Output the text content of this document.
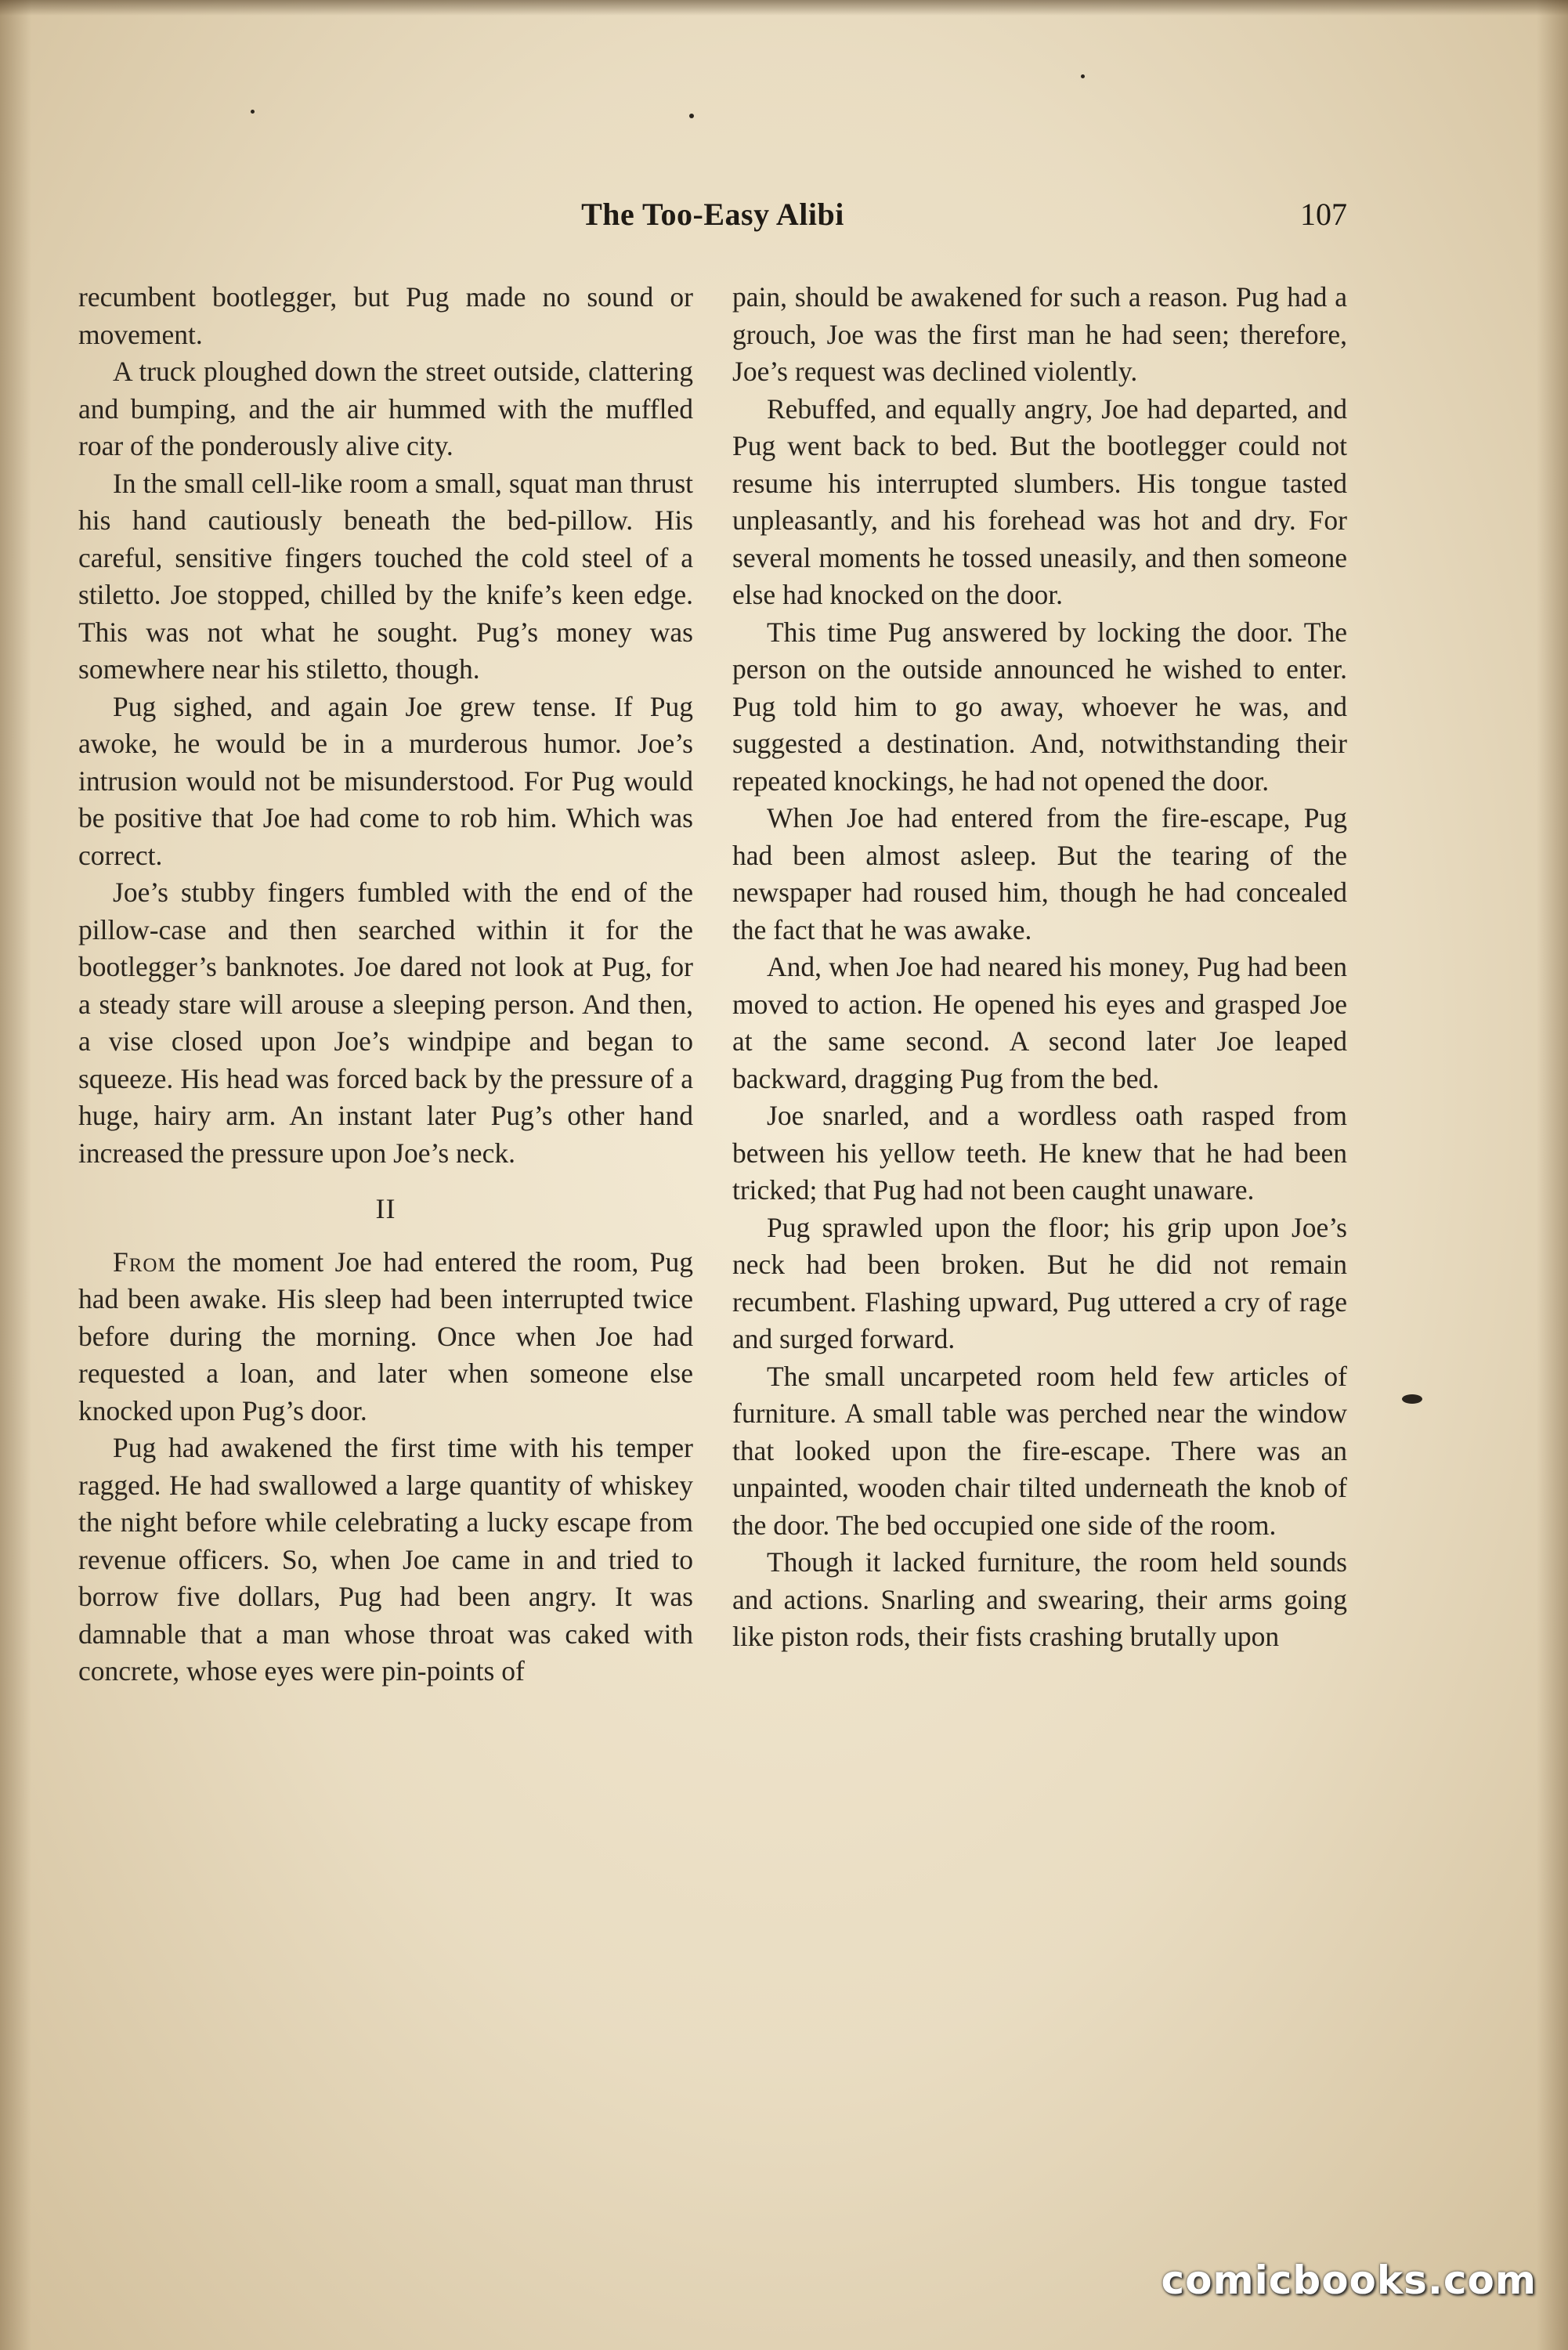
The Too-Easy Alibi	107

recumbent bootlegger, but Pug made no sound or movement.

A truck ploughed down the street outside, clattering and bumping, and the air hummed with the muffled roar of the ponderously alive city.

In the small cell-like room a small, squat man thrust his hand cautiously beneath the bed-pillow. His careful, sensitive fingers touched the cold steel of a stiletto. Joe stopped, chilled by the knife’s keen edge. This was not what he sought. Pug’s money was somewhere near his stiletto, though.

Pug sighed, and again Joe grew tense. If Pug awoke, he would be in a murderous humor. Joe’s intrusion would not be misunderstood. For Pug would be positive that Joe had come to rob him. Which was correct.

Joe’s stubby fingers fumbled with the end of the pillow-case and then searched within it for the bootlegger’s banknotes. Joe dared not look at Pug, for a steady stare will arouse a sleeping person. And then, a vise closed upon Joe’s windpipe and began to squeeze. His head was forced back by the pressure of a huge, hairy arm. An instant later Pug’s other hand increased the pressure upon Joe’s neck.

II

From the moment Joe had entered the room, Pug had been awake. His sleep had been interrupted twice before during the morning. Once when Joe had requested a loan, and later when someone else knocked upon Pug’s door.

Pug had awakened the first time with his temper ragged. He had swallowed a large quantity of whiskey the night before while celebrating a lucky escape from revenue officers. So, when Joe came in and tried to borrow five dollars, Pug had been angry. It was damnable that a man whose throat was caked with concrete, whose eyes were pin-points of

pain, should be awakened for such a reason. Pug had a grouch, Joe was the first man he had seen; therefore, Joe’s request was declined violently.

Rebuffed, and equally angry, Joe had departed, and Pug went back to bed. But the bootlegger could not resume his interrupted slumbers. His tongue tasted unpleasantly, and his forehead was hot and dry. For several moments he tossed uneasily, and then someone else had knocked on the door.

This time Pug answered by locking the door. The person on the outside announced he wished to enter. Pug told him to go away, whoever he was, and suggested a destination. And, notwithstanding their repeated knockings, he had not opened the door.

When Joe had entered from the fire-escape, Pug had been almost asleep. But the tearing of the newspaper had roused him, though he had concealed the fact that he was awake.

And, when Joe had neared his money, Pug had been moved to action. He opened his eyes and grasped Joe at the same second. A second later Joe leaped backward, dragging Pug from the bed.

Joe snarled, and a wordless oath rasped from between his yellow teeth. He knew that he had been tricked; that Pug had not been caught unaware.

Pug sprawled upon the floor; his grip upon Joe’s neck had been broken. But he did not remain recumbent. Flashing upward, Pug uttered a cry of rage and surged forward.

The small uncarpeted room held few articles of furniture. A small table was perched near the window that looked upon the fire-escape. There was an unpainted, wooden chair tilted underneath the knob of the door. The bed occupied one side of the room.

Though it lacked furniture, the room held sounds and actions. Snarling and swearing, their arms going like piston rods, their fists crashing brutally upon

comicbooks.com
